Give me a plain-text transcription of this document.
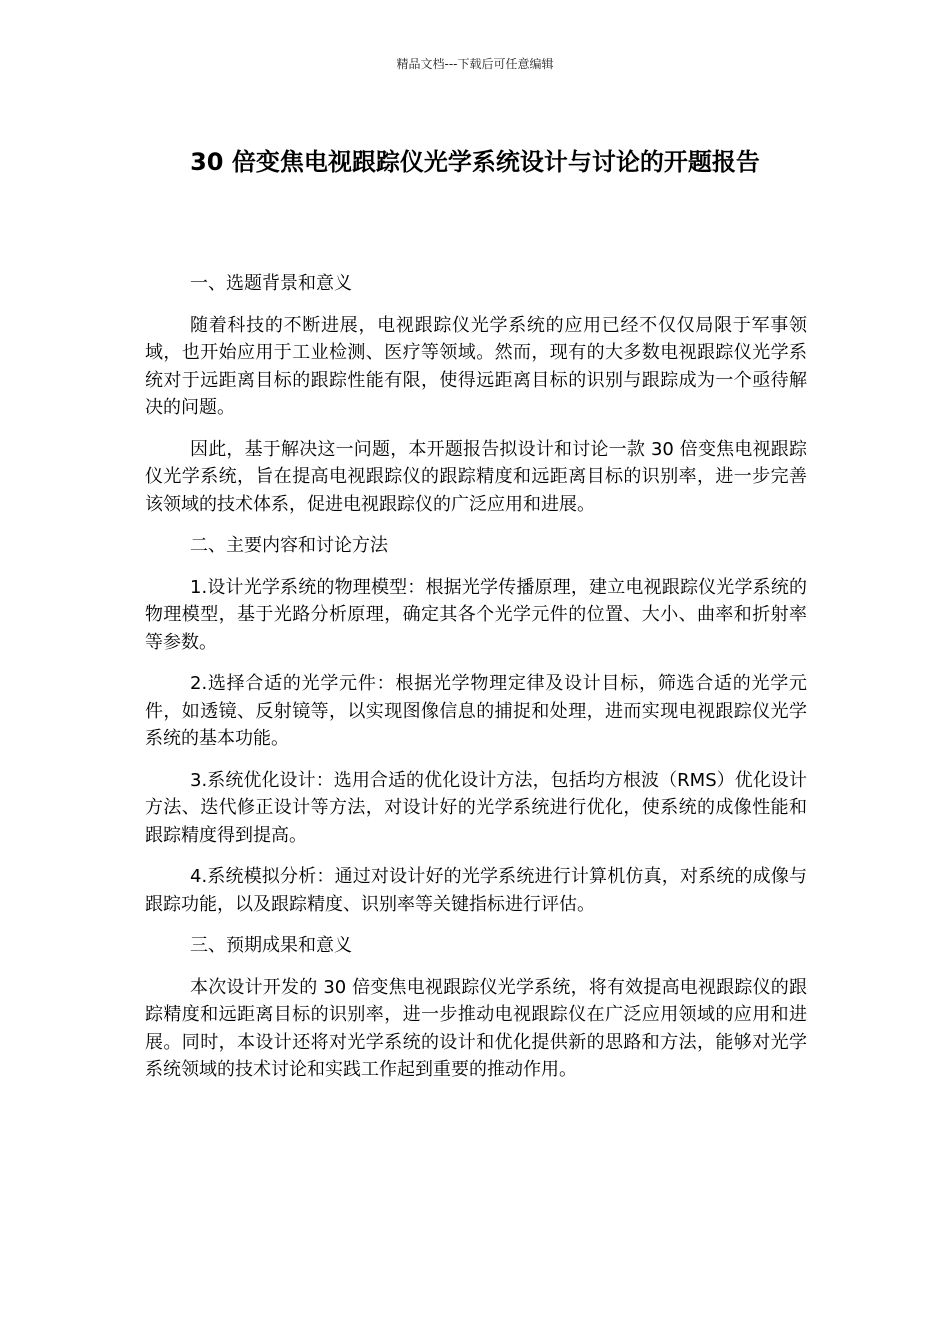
精品文档---下载后可任意编辑
30 倍变焦电视跟踪仪光学系统设计与讨论的开题报告
一、选题背景和意义

随着科技的不断进展，电视跟踪仪光学系统的应用已经不仅仅局限于军事领域，也开始应用于工业检测、医疗等领域。然而，现有的大多数电视跟踪仪光学系统对于远距离目标的跟踪性能有限，使得远距离目标的识别与跟踪成为一个亟待解决的问题。

因此，基于解决这一问题，本开题报告拟设计和讨论一款 30 倍变焦电视跟踪仪光学系统，旨在提高电视跟踪仪的跟踪精度和远距离目标的识别率，进一步完善该领域的技术体系，促进电视跟踪仪的广泛应用和进展。

二、主要内容和讨论方法

1.设计光学系统的物理模型：根据光学传播原理，建立电视跟踪仪光学系统的物理模型，基于光路分析原理，确定其各个光学元件的位置、大小、曲率和折射率等参数。

2.选择合适的光学元件：根据光学物理定律及设计目标，筛选合适的光学元件，如透镜、反射镜等，以实现图像信息的捕捉和处理，进而实现电视跟踪仪光学系统的基本功能。

3.系统优化设计：选用合适的优化设计方法，包括均方根波（RMS）优化设计方法、迭代修正设计等方法，对设计好的光学系统进行优化，使系统的成像性能和跟踪精度得到提高。

4.系统模拟分析：通过对设计好的光学系统进行计算机仿真，对系统的成像与跟踪功能，以及跟踪精度、识别率等关键指标进行评估。

三、预期成果和意义

本次设计开发的 30 倍变焦电视跟踪仪光学系统，将有效提高电视跟踪仪的跟踪精度和远距离目标的识别率，进一步推动电视跟踪仪在广泛应用领域的应用和进展。同时，本设计还将对光学系统的设计和优化提供新的思路和方法，能够对光学系统领域的技术讨论和实践工作起到重要的推动作用。
